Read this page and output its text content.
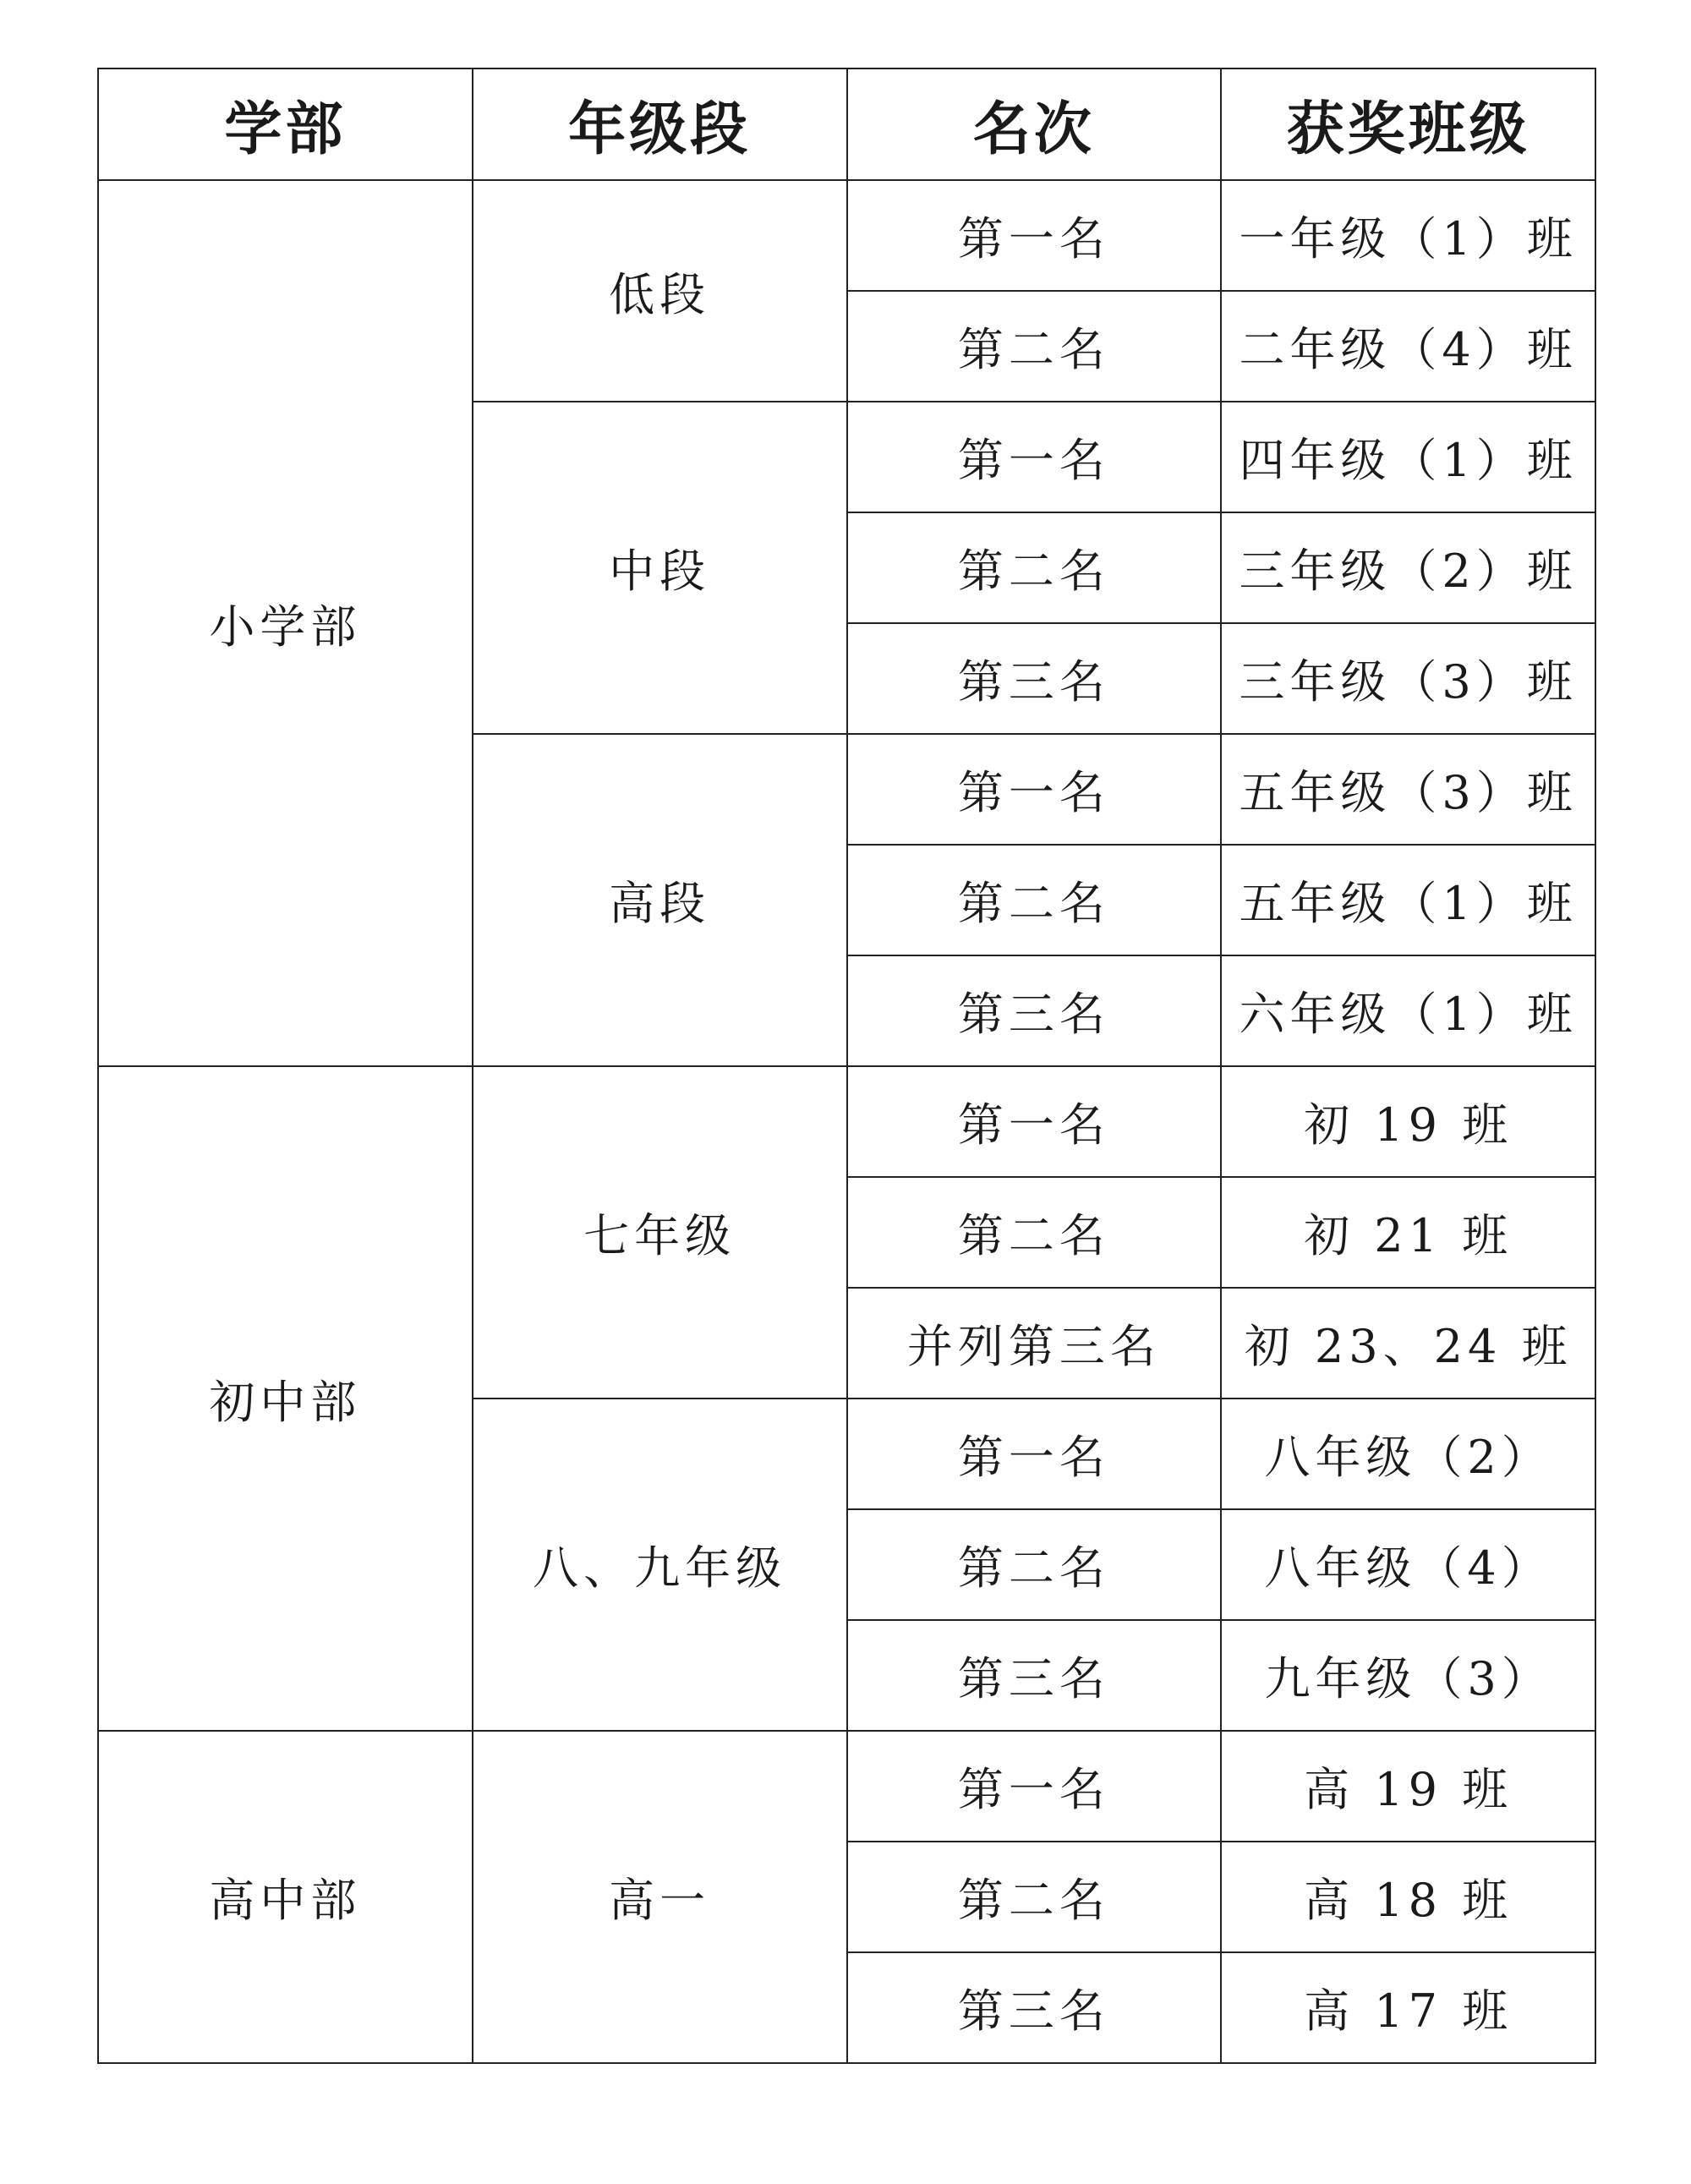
学部	年级段	名次	获奖班级
小学部	低段	第一名	一年级（1）班
		第二名	二年级（4）班
	中段	第一名	四年级（1）班
		第二名	三年级（2）班
		第三名	三年级（3）班
	高段	第一名	五年级（3）班
		第二名	五年级（1）班
		第三名	六年级（1）班
初中部	七年级	第一名	初 19 班
		第二名	初 21 班
		并列第三名	初 23、24 班
	八、九年级	第一名	八年级（2）
		第二名	八年级（4）
		第三名	九年级（3）
高中部	高一	第一名	高 19 班
		第二名	高 18 班
		第三名	高 17 班
